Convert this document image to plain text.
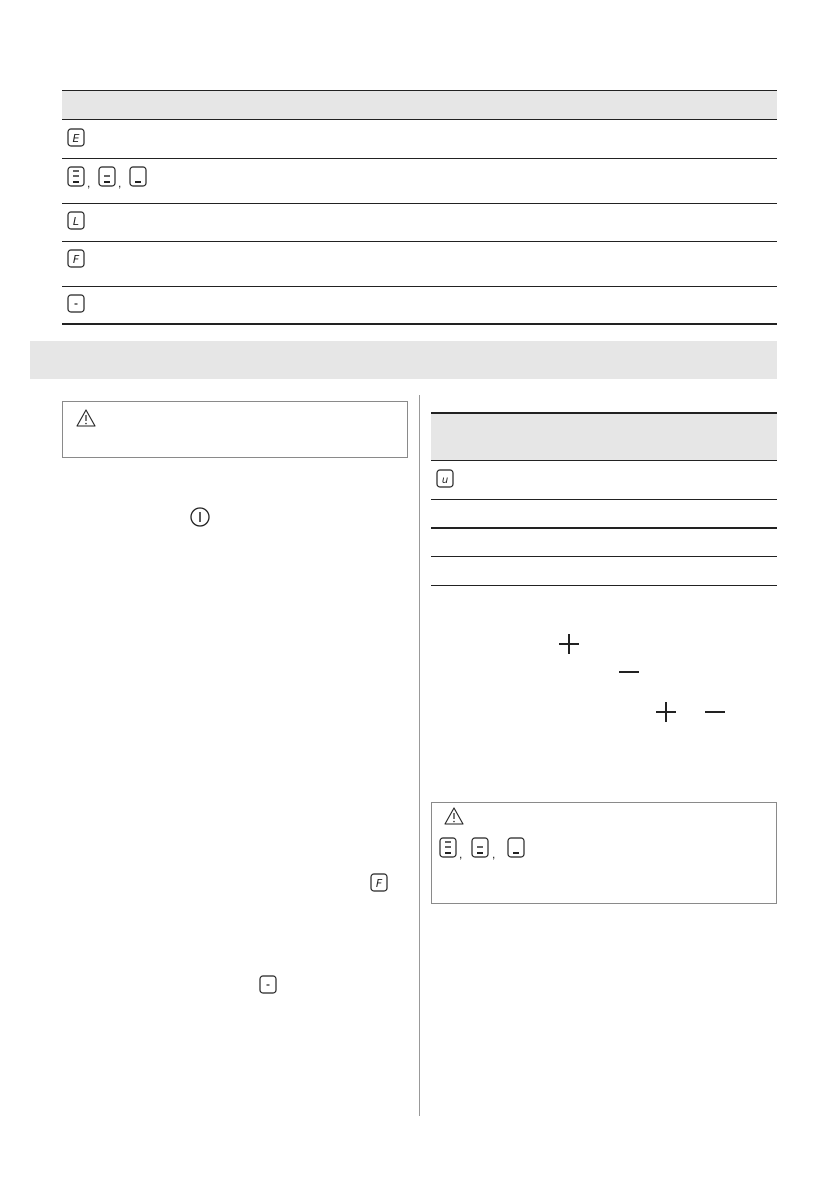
E
, ,
L
F
F
u
, ,
